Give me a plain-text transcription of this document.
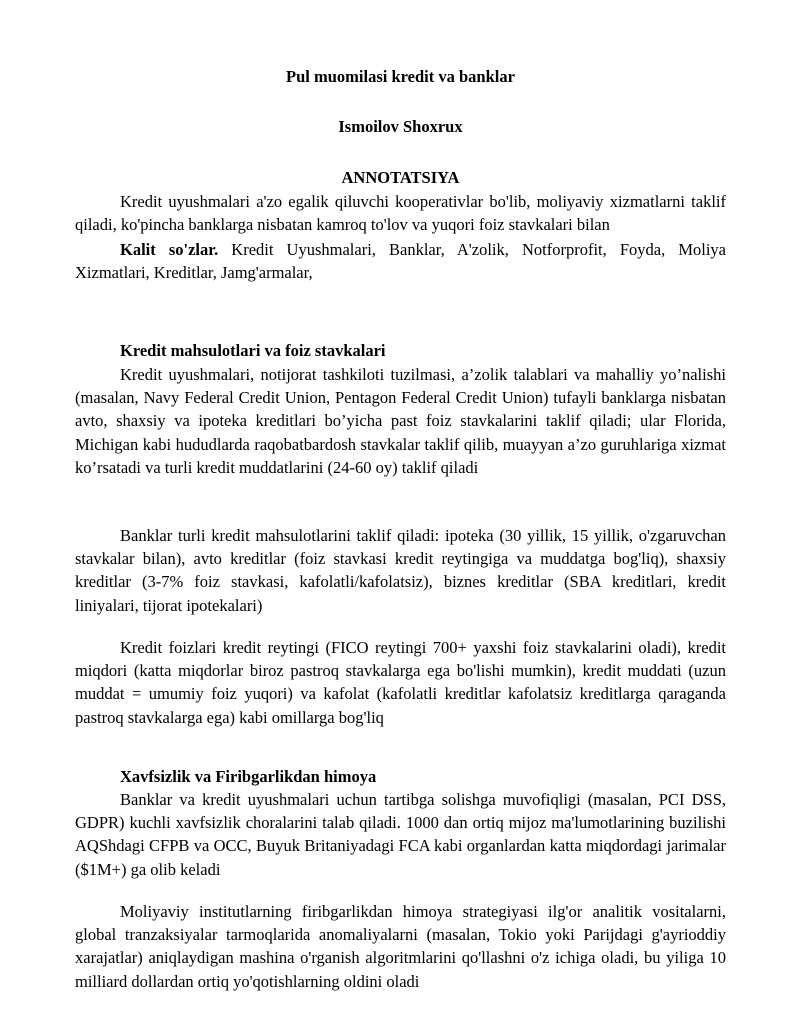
Pul muomilasi kredit va banklar

Ismoilov Shoxrux

ANNOTATSIYA

Kredit uyushmalari a'zo egalik qiluvchi kooperativlar bo'lib, moliyaviy xizmatlarni taklif qiladi, ko'pincha banklarga nisbatan kamroq to'lov va yuqori foiz stavkalari bilan

Kalit so'zlar. Kredit Uyushmalari, Banklar, A'zolik, Notforprofit, Foyda, Moliya Xizmatlari, Kreditlar, Jamg'armalar,

Kredit mahsulotlari va foiz stavkalari

Kredit uyushmalari, notijorat tashkiloti tuzilmasi, a’zolik talablari va mahalliy yo’nalishi (masalan, Navy Federal Credit Union, Pentagon Federal Credit Union) tufayli banklarga nisbatan avto, shaxsiy va ipoteka kreditlari bo’yicha past foiz stavkalarini taklif qiladi; ular Florida, Michigan kabi hududlarda raqobatbardosh stavkalar taklif qilib, muayyan a’zo guruhlariga xizmat ko’rsatadi va turli kredit muddatlarini (24-60 oy) taklif qiladi

Banklar turli kredit mahsulotlarini taklif qiladi: ipoteka (30 yillik, 15 yillik, o'zgaruvchan stavkalar bilan), avto kreditlar (foiz stavkasi kredit reytingiga va muddatga bog'liq), shaxsiy kreditlar (3-7% foiz stavkasi, kafolatli/kafolatsiz), biznes kreditlar (SBA kreditlari, kredit liniyalari, tijorat ipotekalari)

Kredit foizlari kredit reytingi (FICO reytingi 700+ yaxshi foiz stavkalarini oladi), kredit miqdori (katta miqdorlar biroz pastroq stavkalarga ega bo'lishi mumkin), kredit muddati (uzun muddat = umumiy foiz yuqori) va kafolat (kafolatli kreditlar kafolatsiz kreditlarga qaraganda pastroq stavkalarga ega) kabi omillarga bog'liq

Xavfsizlik va Firibgarlikdan himoya

Banklar va kredit uyushmalari uchun tartibga solishga muvofiqligi (masalan, PCI DSS, GDPR) kuchli xavfsizlik choralarini talab qiladi. 1000 dan ortiq mijoz ma'lumotlarining buzilishi AQShdagi CFPB va OCC, Buyuk Britaniyadagi FCA kabi organlardan katta miqdordagi jarimalar ($1M+) ga olib keladi

Moliyaviy institutlarning firibgarlikdan himoya strategiyasi ilg'or analitik vositalarni, global tranzaksiyalar tarmoqlarida anomaliyalarni (masalan, Tokio yoki Parijdagi g'ayrioddiy xarajatlar) aniqlaydigan mashina o'rganish algoritmlarini qo'llashni o'z ichiga oladi, bu yiliga 10 milliard dollardan ortiq yo'qotishlarning oldini oladi
